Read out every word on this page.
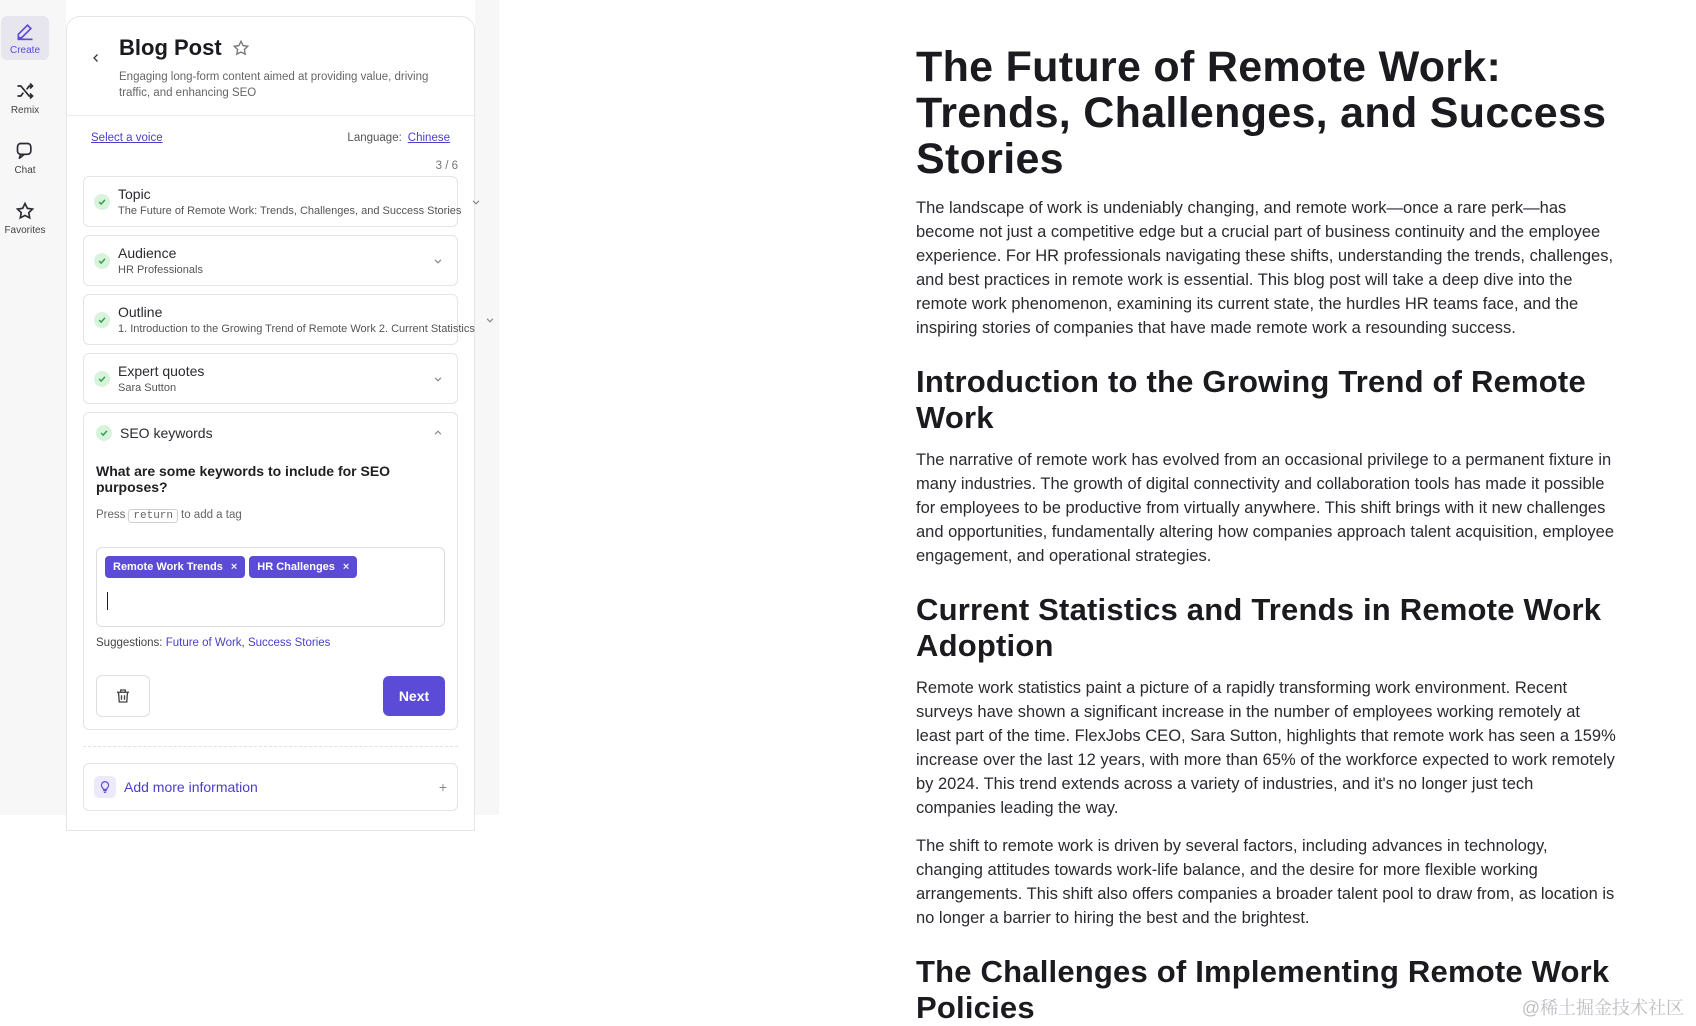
Create
Remix
Chat
Favorites
Blog Post
Engaging long-form content aimed at providing value, driving traffic, and enhancing SEO
Select a voice	Language: Chinese
3 / 6
Topic
The Future of Remote Work: Trends, Challenges, and Success Stories
Audience
HR Professionals
Outline
1. Introduction to the Growing Trend of Remote Work 2. Current Statistics
Expert quotes
Sara Sutton
SEO keywords
What are some keywords to include for SEO purposes?
Press return to add a tag
Remote Work Trends × HR Challenges ×
Suggestions: Future of Work, Success Stories
Next
Add more information	+
The Future of Remote Work: Trends, Challenges, and Success Stories

The landscape of work is undeniably changing, and remote work—once a rare perk—has become not just a competitive edge but a crucial part of business continuity and the employee experience. For HR professionals navigating these shifts, understanding the trends, challenges, and best practices in remote work is essential. This blog post will take a deep dive into the remote work phenomenon, examining its current state, the hurdles HR teams face, and the inspiring stories of companies that have made remote work a resounding success.

Introduction to the Growing Trend of Remote Work

The narrative of remote work has evolved from an occasional privilege to a permanent fixture in many industries. The growth of digital connectivity and collaboration tools has made it possible for employees to be productive from virtually anywhere. This shift brings with it new challenges and opportunities, fundamentally altering how companies approach talent acquisition, employee engagement, and operational strategies.

Current Statistics and Trends in Remote Work Adoption

Remote work statistics paint a picture of a rapidly transforming work environment. Recent surveys have shown a significant increase in the number of employees working remotely at least part of the time. FlexJobs CEO, Sara Sutton, highlights that remote work has seen a 159% increase over the last 12 years, with more than 65% of the workforce expected to work remotely by 2024. This trend extends across a variety of industries, and it's no longer just tech companies leading the way.

The shift to remote work is driven by several factors, including advances in technology, changing attitudes towards work-life balance, and the desire for more flexible working arrangements. This shift also offers companies a broader talent pool to draw from, as location is no longer a barrier to hiring the best and the brightest.

The Challenges of Implementing Remote Work Policies	@稀土掘金技术社区
